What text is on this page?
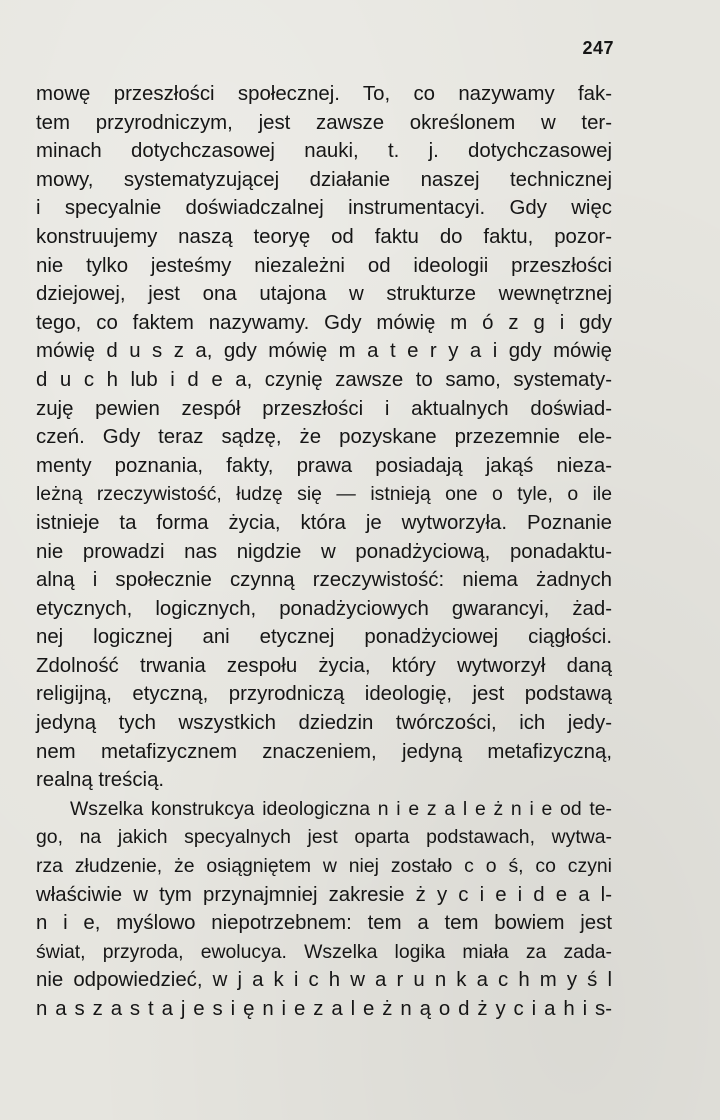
247
mowę przeszłości społecznej. To, co nazywamy fak-
tem przyrodniczym, jest zawsze określonem w ter-
minach dotychczasowej nauki, t. j. dotychczasowej
mowy, systematyzującej działanie naszej technicznej
i specyalnie doświadczalnej instrumentacyi. Gdy więc
konstruujemy naszą teoryę od faktu do faktu, pozor-
nie tylko jesteśmy niezależni od ideologii przeszłości
dziejowej, jest ona utajona w strukturze wewnętrznej
tego, co faktem nazywamy. Gdy mówię m ó z g i gdy
mówię d u s z a, gdy mówię m a t e r y a i gdy mówię
d u c h lub i d e a, czynię zawsze to samo, systematy-
zuję pewien zespół przeszłości i aktualnych doświad-
czeń. Gdy teraz sądzę, że pozyskane przezemnie ele-
menty poznania, fakty, prawa posiadają jakąś nieza-
leżną rzeczywistość, łudzę się — istnieją one o tyle, o ile
istnieje ta forma życia, która je wytworzyła. Poznanie
nie prowadzi nas nigdzie w ponadżyciową, ponadaktu-
alną i społecznie czynną rzeczywistość: niema żadnych
etycznych, logicznych, ponadżyciowych gwarancyi, żad-
nej logicznej ani etycznej ponadżyciowej ciągłości.
Zdolność trwania zespołu życia, który wytworzył daną
religijną, etyczną, przyrodniczą ideologię, jest podstawą
jedyną tych wszystkich dziedzin twórczości, ich jedy-
nem metafizycznem znaczeniem, jedyną metafizyczną,
realną treścią.
Wszelka konstrukcya ideologiczna n i e z a l e ż n i e od te-
go, na jakich specyalnych jest oparta podstawach, wytwa-
rza złudzenie, że osiągniętem w niej zostało c o ś, co czyni
właściwie w tym przynajmniej zakresie ż y c i e i d e a l-
n i e, myślowo niepotrzebnem: tem a tem bowiem jest
świat, przyroda, ewolucya. Wszelka logika miała za zada-
nie odpowiedzieć, w j a k i c h w a r u n k a c h m y ś l
n a s z a s t a j e s i ę n i e z a l e ż n ą o d ż y c i a h i s-
